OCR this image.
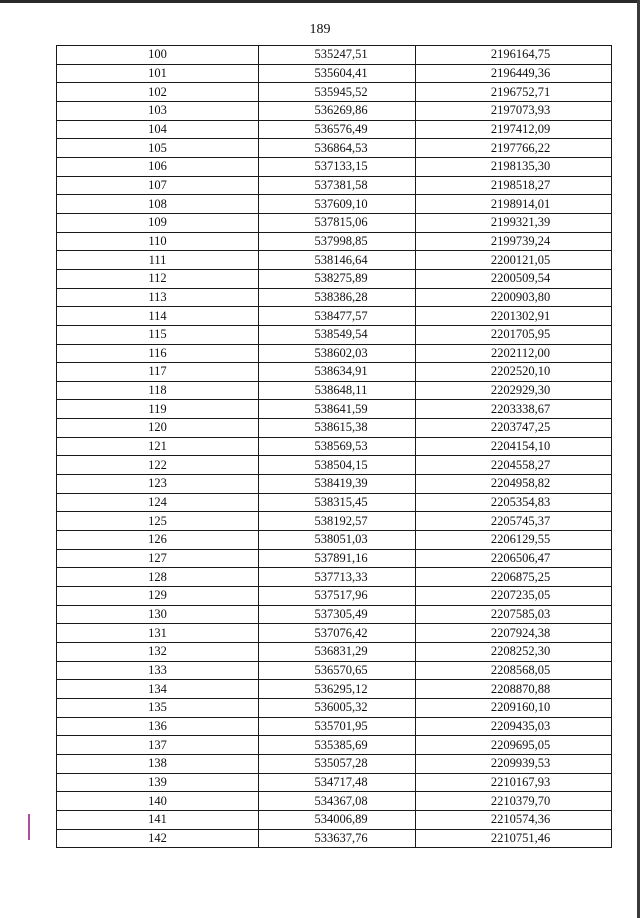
189
100	535247,51	2196164,75
101	535604,41	2196449,36
102	535945,52	2196752,71
103	536269,86	2197073,93
104	536576,49	2197412,09
105	536864,53	2197766,22
106	537133,15	2198135,30
107	537381,58	2198518,27
108	537609,10	2198914,01
109	537815,06	2199321,39
110	537998,85	2199739,24
111	538146,64	2200121,05
112	538275,89	2200509,54
113	538386,28	2200903,80
114	538477,57	2201302,91
115	538549,54	2201705,95
116	538602,03	2202112,00
117	538634,91	2202520,10
118	538648,11	2202929,30
119	538641,59	2203338,67
120	538615,38	2203747,25
121	538569,53	2204154,10
122	538504,15	2204558,27
123	538419,39	2204958,82
124	538315,45	2205354,83
125	538192,57	2205745,37
126	538051,03	2206129,55
127	537891,16	2206506,47
128	537713,33	2206875,25
129	537517,96	2207235,05
130	537305,49	2207585,03
131	537076,42	2207924,38
132	536831,29	2208252,30
133	536570,65	2208568,05
134	536295,12	2208870,88
135	536005,32	2209160,10
136	535701,95	2209435,03
137	535385,69	2209695,05
138	535057,28	2209939,53
139	534717,48	2210167,93
140	534367,08	2210379,70
141	534006,89	2210574,36
142	533637,76	2210751,46
